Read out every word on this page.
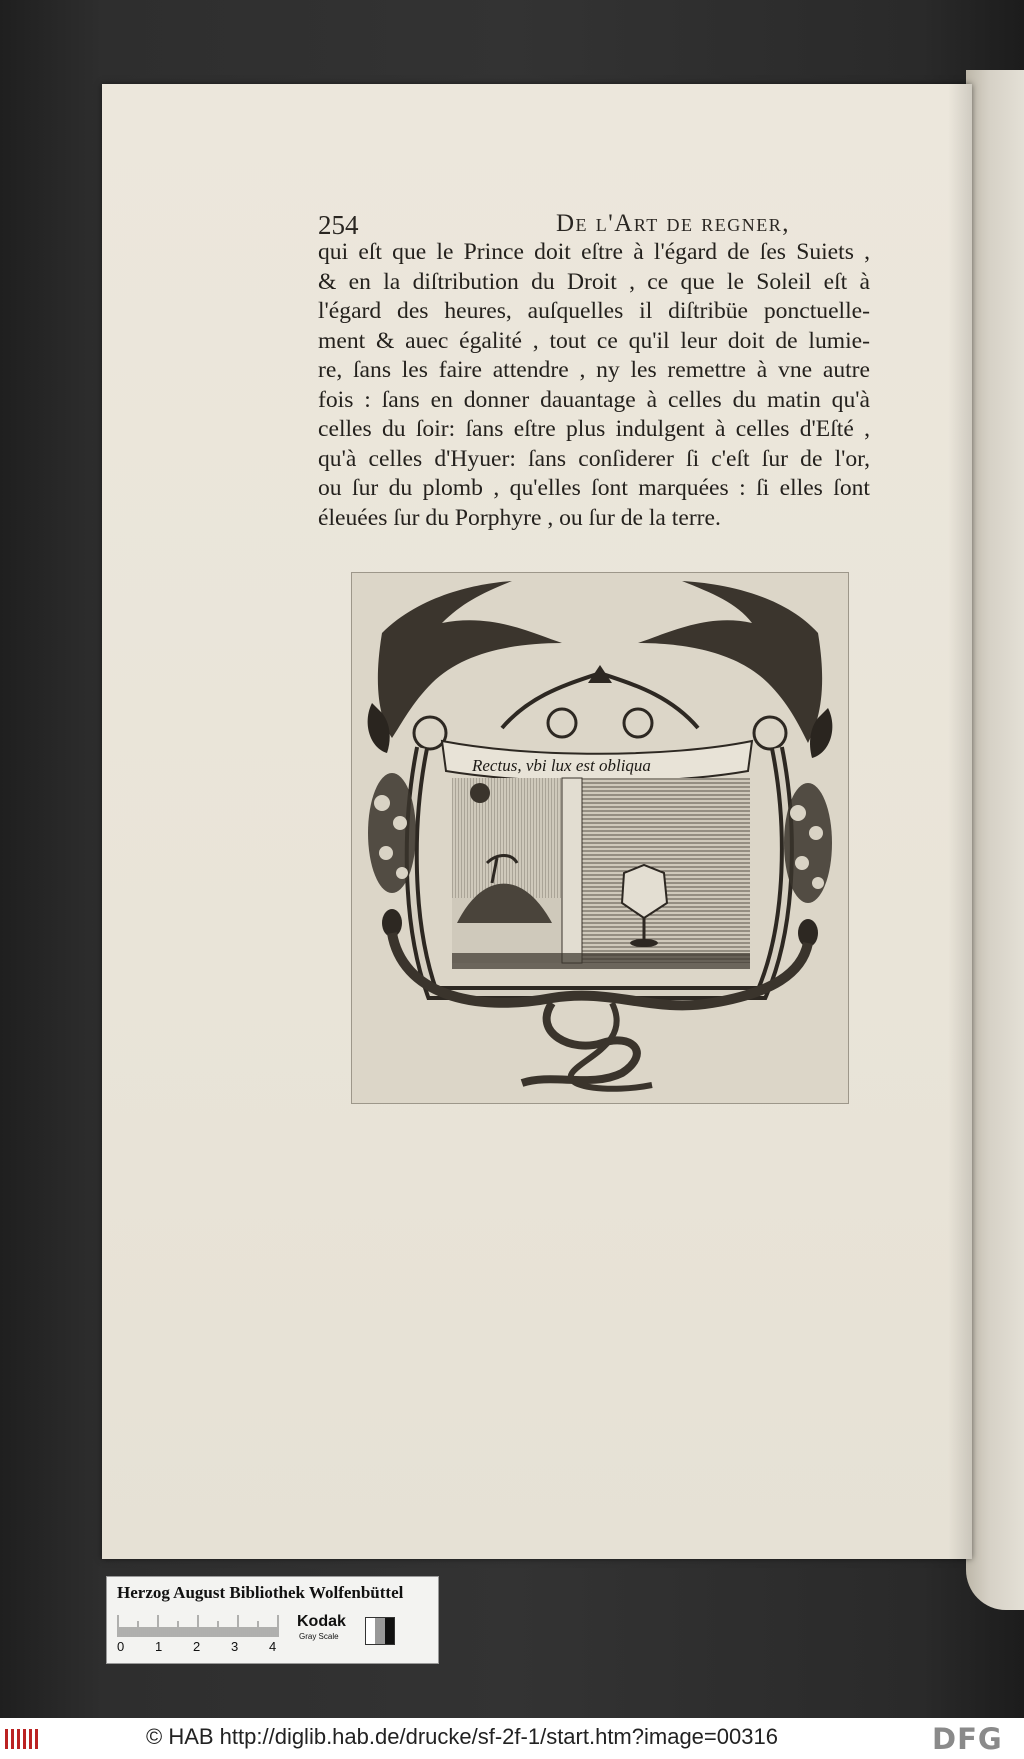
254	De l'Art de regner,
qui eſt que le Prince doit eſtre à l'égard de ſes Suiets ,
& en la diſtribution du Droit , ce que le Soleil eſt à
l'égard des heures, auſquelles il diſtribüe ponctuelle-
ment & auec égalité , tout ce qu'il leur doit de lumie-
re, ſans les faire attendre , ny les remettre à vne autre
fois : ſans en donner dauantage à celles du matin qu'à
celles du ſoir: ſans eſtre plus indulgent à celles d'Eſté ,
qu'à celles d'Hyuer: ſans conſiderer ſi c'eſt ſur de l'or,
ou ſur du plomb , qu'elles ſont marquées : ſi elles ſont
éleuées ſur du Porphyre , ou ſur de la terre.
Rectus, vbi lux est obliqua
Herzog August Bibliothek Wolfenbüttel
0 1 2 3 4
Kodak
Gray Scale
© HAB http://diglib.hab.de/drucke/sf-2f-1/start.htm?image=00316	DFG
